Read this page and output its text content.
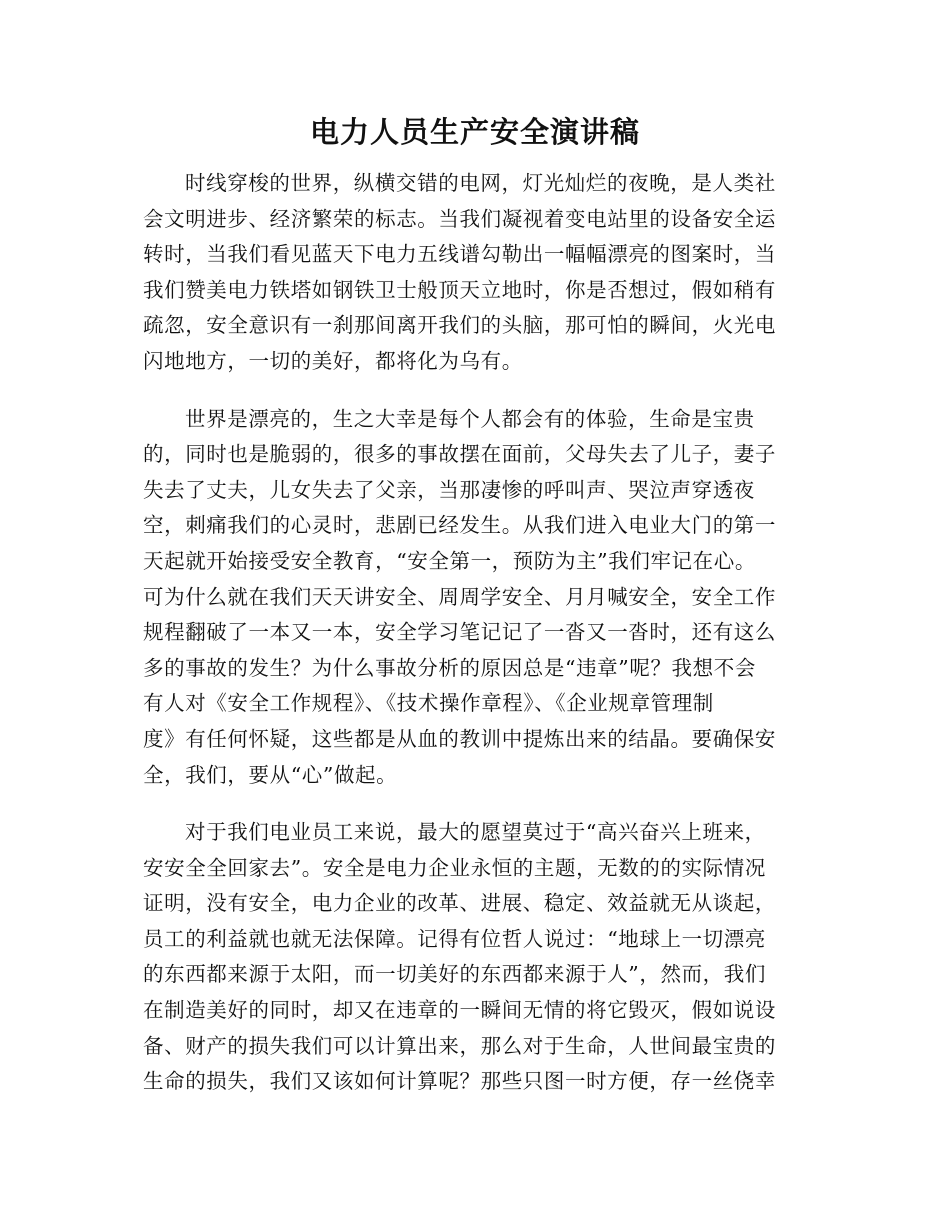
电力人员生产安全演讲稿
时线穿梭的世界，纵横交错的电网，灯光灿烂的夜晚，是人类社
会文明进步、经济繁荣的标志。当我们凝视着变电站里的设备安全运
转时，当我们看见蓝天下电力五线谱勾勒出一幅幅漂亮的图案时，当
我们赞美电力铁塔如钢铁卫士般顶天立地时，你是否想过，假如稍有
疏忽，安全意识有一刹那间离开我们的头脑，那可怕的瞬间，火光电
闪地地方，一切的美好，都将化为乌有。
世界是漂亮的，生之大幸是每个人都会有的体验，生命是宝贵
的，同时也是脆弱的，很多的事故摆在面前，父母失去了儿子，妻子
失去了丈夫，儿女失去了父亲，当那凄惨的呼叫声、哭泣声穿透夜
空，刺痛我们的心灵时，悲剧已经发生。从我们进入电业大门的第一
天起就开始接受安全教育，“安全第一，预防为主”我们牢记在心。
可为什么就在我们天天讲安全、周周学安全、月月喊安全，安全工作
规程翻破了一本又一本，安全学习笔记记了一沓又一沓时，还有这么
多的事故的发生？为什么事故分析的原因总是“违章”呢？我想不会
有人对《安全工作规程》、《技术操作章程》、《企业规章管理制
度》有任何怀疑，这些都是从血的教训中提炼出来的结晶。要确保安
全，我们，要从“心”做起。
对于我们电业员工来说，最大的愿望莫过于“高兴奋兴上班来，
安安全全回家去”。安全是电力企业永恒的主题，无数的的实际情况
证明，没有安全，电力企业的改革、进展、稳定、效益就无从谈起，
员工的利益就也就无法保障。记得有位哲人说过：“地球上一切漂亮
的东西都来源于太阳，而一切美好的东西都来源于人”，然而，我们
在制造美好的同时，却又在违章的一瞬间无情的将它毁灭，假如说设
备、财产的损失我们可以计算出来，那么对于生命，人世间最宝贵的
生命的损失，我们又该如何计算呢？那些只图一时方便，存一丝侥幸
